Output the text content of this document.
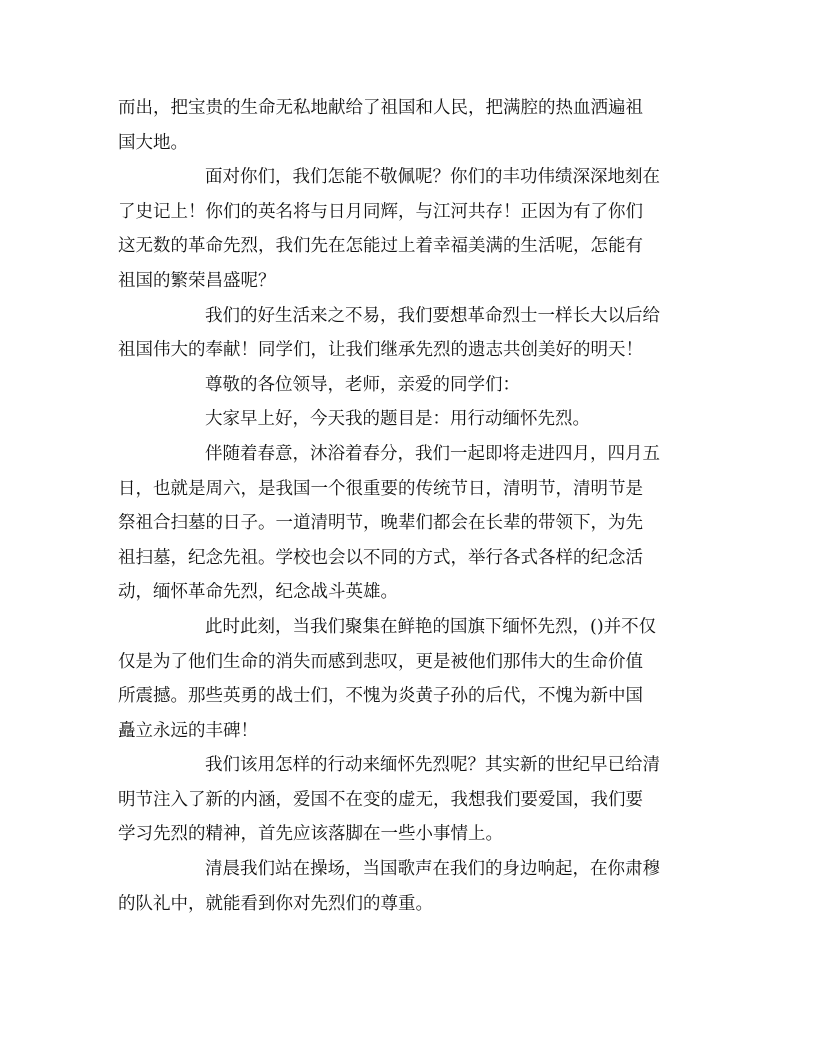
而出，把宝贵的生命无私地献给了祖国和人民，把满腔的热血洒遍祖
国大地。
面对你们，我们怎能不敬佩呢？你们的丰功伟绩深深地刻在
了史记上！你们的英名将与日月同辉，与江河共存！正因为有了你们
这无数的革命先烈，我们先在怎能过上着幸福美满的生活呢，怎能有
祖国的繁荣昌盛呢？
我们的好生活来之不易，我们要想革命烈士一样长大以后给
祖国伟大的奉献！同学们，让我们继承先烈的遗志共创美好的明天！
尊敬的各位领导，老师，亲爱的同学们：
大家早上好，今天我的题目是：用行动缅怀先烈。
伴随着春意，沐浴着春分，我们一起即将走进四月，四月五
日，也就是周六，是我国一个很重要的传统节日，清明节，清明节是
祭祖合扫墓的日子。一道清明节，晚辈们都会在长辈的带领下，为先
祖扫墓，纪念先祖。学校也会以不同的方式，举行各式各样的纪念活
动，缅怀革命先烈，纪念战斗英雄。
此时此刻，当我们聚集在鲜艳的国旗下缅怀先烈，()并不仅
仅是为了他们生命的消失而感到悲叹，更是被他们那伟大的生命价值
所震撼。那些英勇的战士们，不愧为炎黄子孙的后代，不愧为新中国
矗立永远的丰碑！
我们该用怎样的行动来缅怀先烈呢？其实新的世纪早已给清
明节注入了新的内涵，爱国不在变的虚无，我想我们要爱国，我们要
学习先烈的精神，首先应该落脚在一些小事情上。
清晨我们站在操场，当国歌声在我们的身边响起，在你肃穆
的队礼中，就能看到你对先烈们的尊重。
